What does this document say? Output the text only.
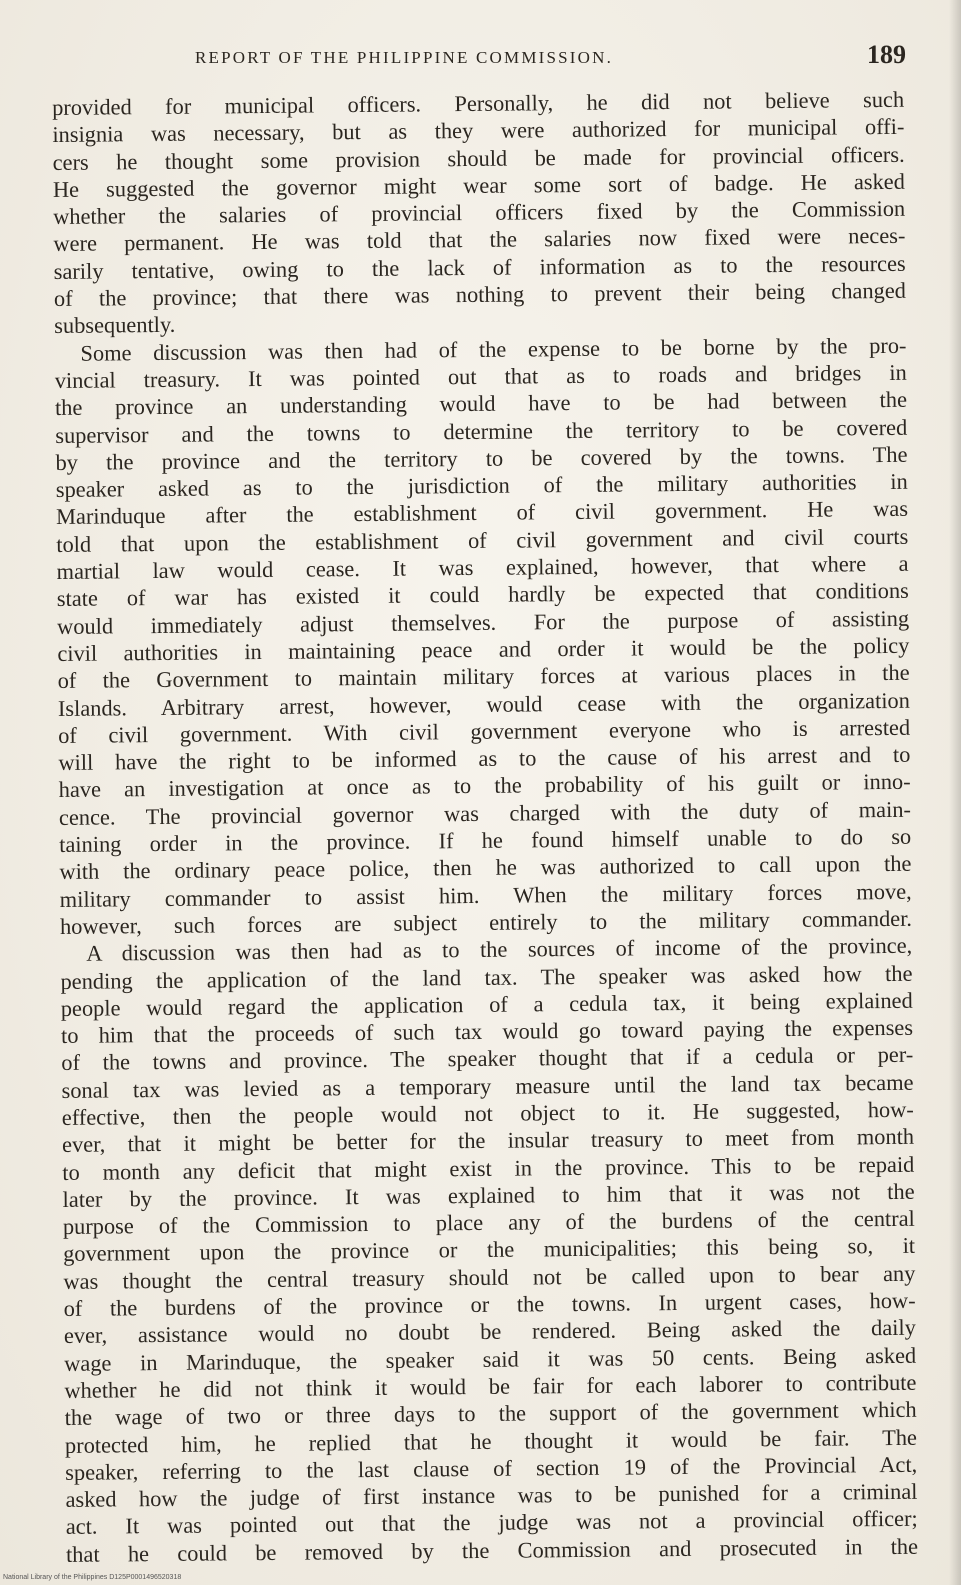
REPORT OF THE PHILIPPINE COMMISSION.	189
provided for municipal officers. Personally, he did not believe such
insignia was necessary, but as they were authorized for municipal offi-
cers he thought some provision should be made for provincial officers.
He suggested the governor might wear some sort of badge. He asked
whether the salaries of provincial officers fixed by the Commission
were permanent. He was told that the salaries now fixed were neces-
sarily tentative, owing to the lack of information as to the resources
of the province; that there was nothing to prevent their being changed
subsequently.
Some discussion was then had of the expense to be borne by the pro-
vincial treasury. It was pointed out that as to roads and bridges in
the province an understanding would have to be had between the
supervisor and the towns to determine the territory to be covered
by the province and the territory to be covered by the towns. The
speaker asked as to the jurisdiction of the military authorities in
Marinduque after the establishment of civil government. He was
told that upon the establishment of civil government and civil courts
martial law would cease. It was explained, however, that where a
state of war has existed it could hardly be expected that conditions
would immediately adjust themselves. For the purpose of assisting
civil authorities in maintaining peace and order it would be the policy
of the Government to maintain military forces at various places in the
Islands. Arbitrary arrest, however, would cease with the organization
of civil government. With civil government everyone who is arrested
will have the right to be informed as to the cause of his arrest and to
have an investigation at once as to the probability of his guilt or inno-
cence. The provincial governor was charged with the duty of main-
taining order in the province. If he found himself unable to do so
with the ordinary peace police, then he was authorized to call upon the
military commander to assist him. When the military forces move,
however, such forces are subject entirely to the military commander.
A discussion was then had as to the sources of income of the province,
pending the application of the land tax. The speaker was asked how the
people would regard the application of a cedula tax, it being explained
to him that the proceeds of such tax would go toward paying the expenses
of the towns and province. The speaker thought that if a cedula or per-
sonal tax was levied as a temporary measure until the land tax became
effective, then the people would not object to it. He suggested, how-
ever, that it might be better for the insular treasury to meet from month
to month any deficit that might exist in the province. This to be repaid
later by the province. It was explained to him that it was not the
purpose of the Commission to place any of the burdens of the central
government upon the province or the municipalities; this being so, it
was thought the central treasury should not be called upon to bear any
of the burdens of the province or the towns. In urgent cases, how-
ever, assistance would no doubt be rendered. Being asked the daily
wage in Marinduque, the speaker said it was 50 cents. Being asked
whether he did not think it would be fair for each laborer to contribute
the wage of two or three days to the support of the government which
protected him, he replied that he thought it would be fair. The
speaker, referring to the last clause of section 19 of the Provincial Act,
asked how the judge of first instance was to be punished for a criminal
act. It was pointed out that the judge was not a provincial officer;
that he could be removed by the Commission and prosecuted in the
National Library of the Philippines D125P0001496520318
